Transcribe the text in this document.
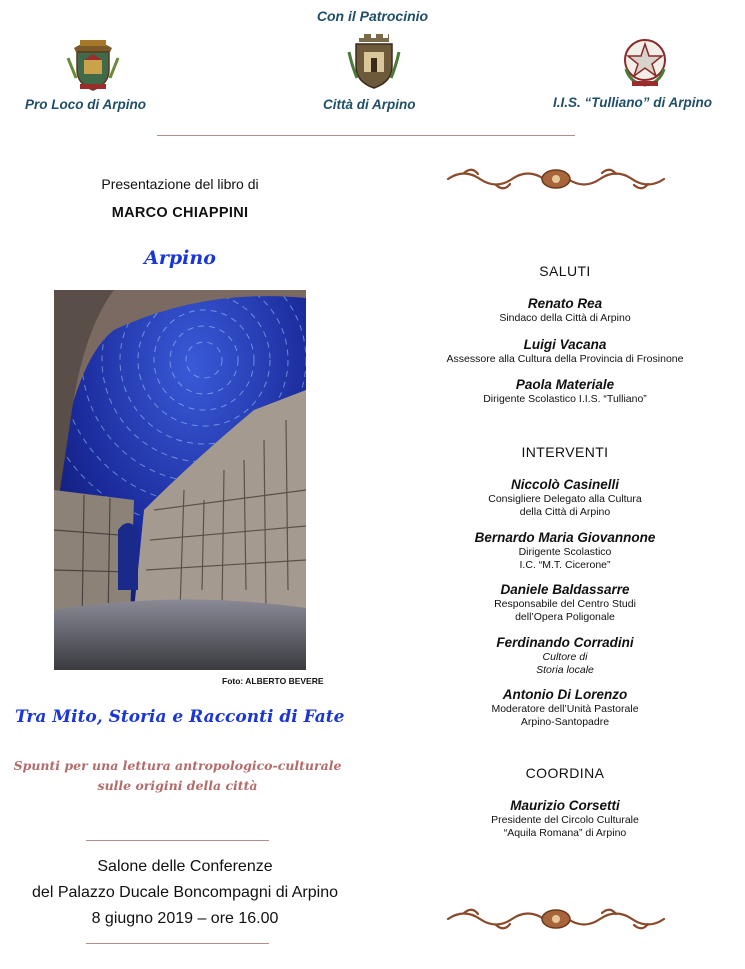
Con il Patrocinio
Pro Loco di Arpino	Città di Arpino	I.I.S. “Tulliano” di Arpino
Presentazione del libro di
MARCO CHIAPPINI
Arpino
Foto: ALBERTO BEVERE
Tra Mito, Storia e Racconti di Fate
Spunti per una lettura antropologico-culturale
sulle origini della città
Salone delle Conferenze
del Palazzo Ducale Boncompagni di Arpino
8 giugno 2019 – ore 16.00
SALUTI
Renato Rea
Sindaco della Città di Arpino
Luigi Vacana
Assessore alla Cultura della Provincia di Frosinone
Paola Materiale
Dirigente Scolastico I.I.S. “Tulliano”
INTERVENTI
Niccolò Casinelli
Consigliere Delegato alla Cultura
della Città di Arpino
Bernardo Maria Giovannone
Dirigente Scolastico
I.C. “M.T. Cicerone”
Daniele Baldassarre
Responsabile del Centro Studi
dell’Opera Poligonale
Ferdinando Corradini
Cultore di
Storia locale
Antonio Di Lorenzo
Moderatore dell’Unità Pastorale
Arpino-Santopadre
COORDINA
Maurizio Corsetti
Presidente del Circolo Culturale
“Aquila Romana” di Arpino
